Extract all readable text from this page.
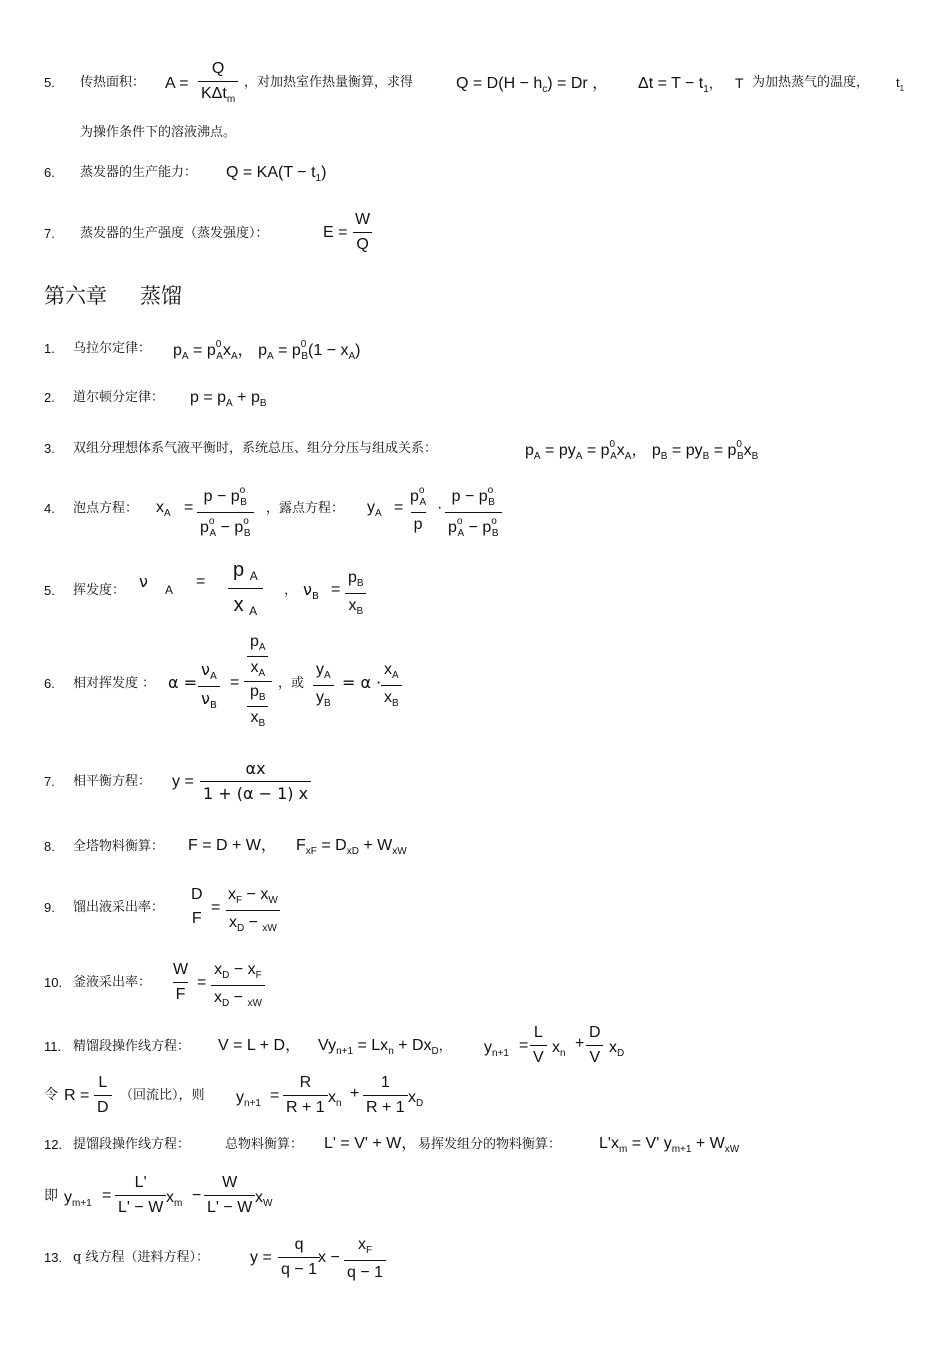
5. 传热面积： A =
Q
KΔt$_m$
，对加热室作热量衡算，求得	$Q = D(H - h_c) = Dr$ ， $\Delta t = T - t_1$， T 为加热蒸气的温度， $t_1$
为操作条件下的溶液沸点。
6. 蒸发器的生产能力： $Q = KA(T - t_1)$
7. 蒸发器的生产强度（蒸发强度）：	E =
W
Q
第六章 蒸馏
1. 乌拉尔定律： $p_A = p^0_Ax_A$， $p_A = p^0_B(1 - x_A)$
2. 道尔顿分定律： $p = p_A + p_B$
3. 双组分理想体系气液平衡时，系统总压、组分分压与组成关系：	$p_A = py_A = p^0_Ax_A$， $p_B = py_B = p^0_Bx_B$
4. 泡点方程： $x_A$ =
$p - p^o_B$
$p^o_A - p^o_B$
，露点方程： $y_A$ =
$p^o_A$
p
·
$p - p^o_B$
$p^o_A - p^o_B$
5. 挥发度： ν A =
p $_A$
x $_A$
， $\nu_B$ =
$p_B$
$x_B$
6. 相对挥发度 ： α =
$\nu_A$
$\nu_B$
=
$p_A$
$x_A$
$p_B$
$x_B$
，或
$y_A$
$y_B$
= α ·
$x_A$
$x_B$
7. 相平衡方程： y =
αx
1 + (α − 1) x
8. 全塔物料衡算： F = D + W， $F_{xF} = D_{xD} + W_{xW}$
9. 馏出液采出率：
D
F
=
$x_F - x_W$
$x_D - _{xW}$
10. 釜液采出率：
W
F
=
$x_D - x_F$
$x_D - _{xW}$
11. 精馏段操作线方程： V = L + D， $Vy_{n+1} = Lx_n + Dx_D$， $y_{n+1}$ =
L
V
$x_n$
+
D
V
$x_D$
令 R =
L
D
（回流比），则 $y_{n+1}$ =
R
R + 1
$x_n$
+
1
R + 1
$x_D$
12. 提馏段操作线方程：	总物料衡算： L' = V' + W， 易挥发组分的物料衡算： $L'x_m = V'$ $y_{m+1} + W_{xW}$
即 $y_{m+1}$ =
L'
L' − W
$x_m$ −
W
L' − W
$x_W$
13. q 线方程（进料方程）：	y =
q
q − 1
x −
$x_F$
q − 1
